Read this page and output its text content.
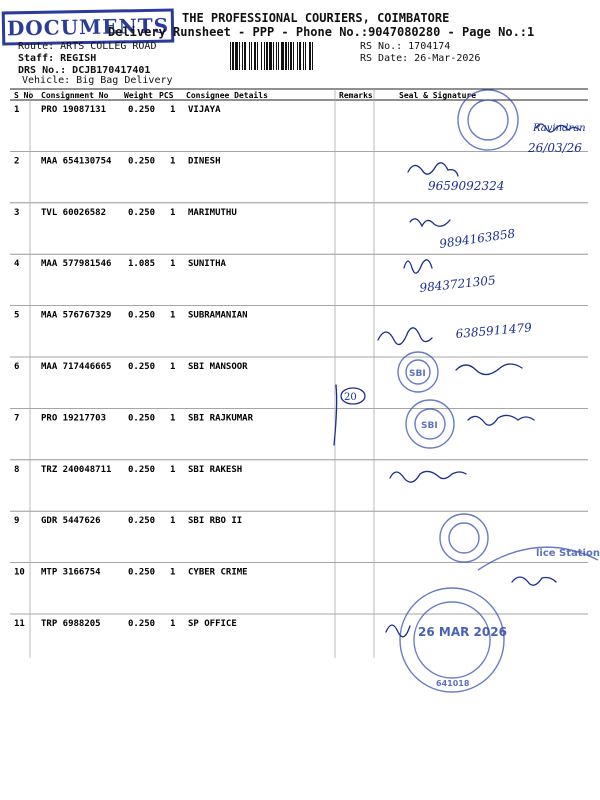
DOCUMENTS	THE PROFESSIONAL COURIERS, COIMBATORE
Delivery Runsheet - PPP - Phone No.:9047080280 - Page No.:1
Route: ARTS COLLEG ROAD
Staff: REGISH
DRS No.: DCJB170417401
Vehicle: Big Bag Delivery
RS No.: 1704174
RS Date: 26-Mar-2026
S No Consignment No Weight PCS Consignee Details	Remarks	Seal & Signature
1 PRO 19087131 0.250 1 VIJAYA
2 MAA 654130754 0.250 1 DINESH
3 TVL 60026582 0.250 1 MARIMUTHU
4 MAA 577981546 1.085 1 SUNITHA
5 MAA 576767329 0.250 1 SUBRAMANIAN
6 MAA 717446665 0.250 1 SBI MANSOOR
7 PRO 19217703 0.250 1 SBI RAJKUMAR
8 TRZ 240048711 0.250 1 SBI RAKESH
9 GDR 5447626	0.250 1 SBI RBO II
10 MTP 3166754	0.250 1 CYBER CRIME
11 TRP 6988205	0.250 1 SP OFFICE
Ravindran
26/03/26
9659092324
9894163858
9843721305
6385911479
SBI
20
SBI
lice Station
641018
26 MAR 2026
